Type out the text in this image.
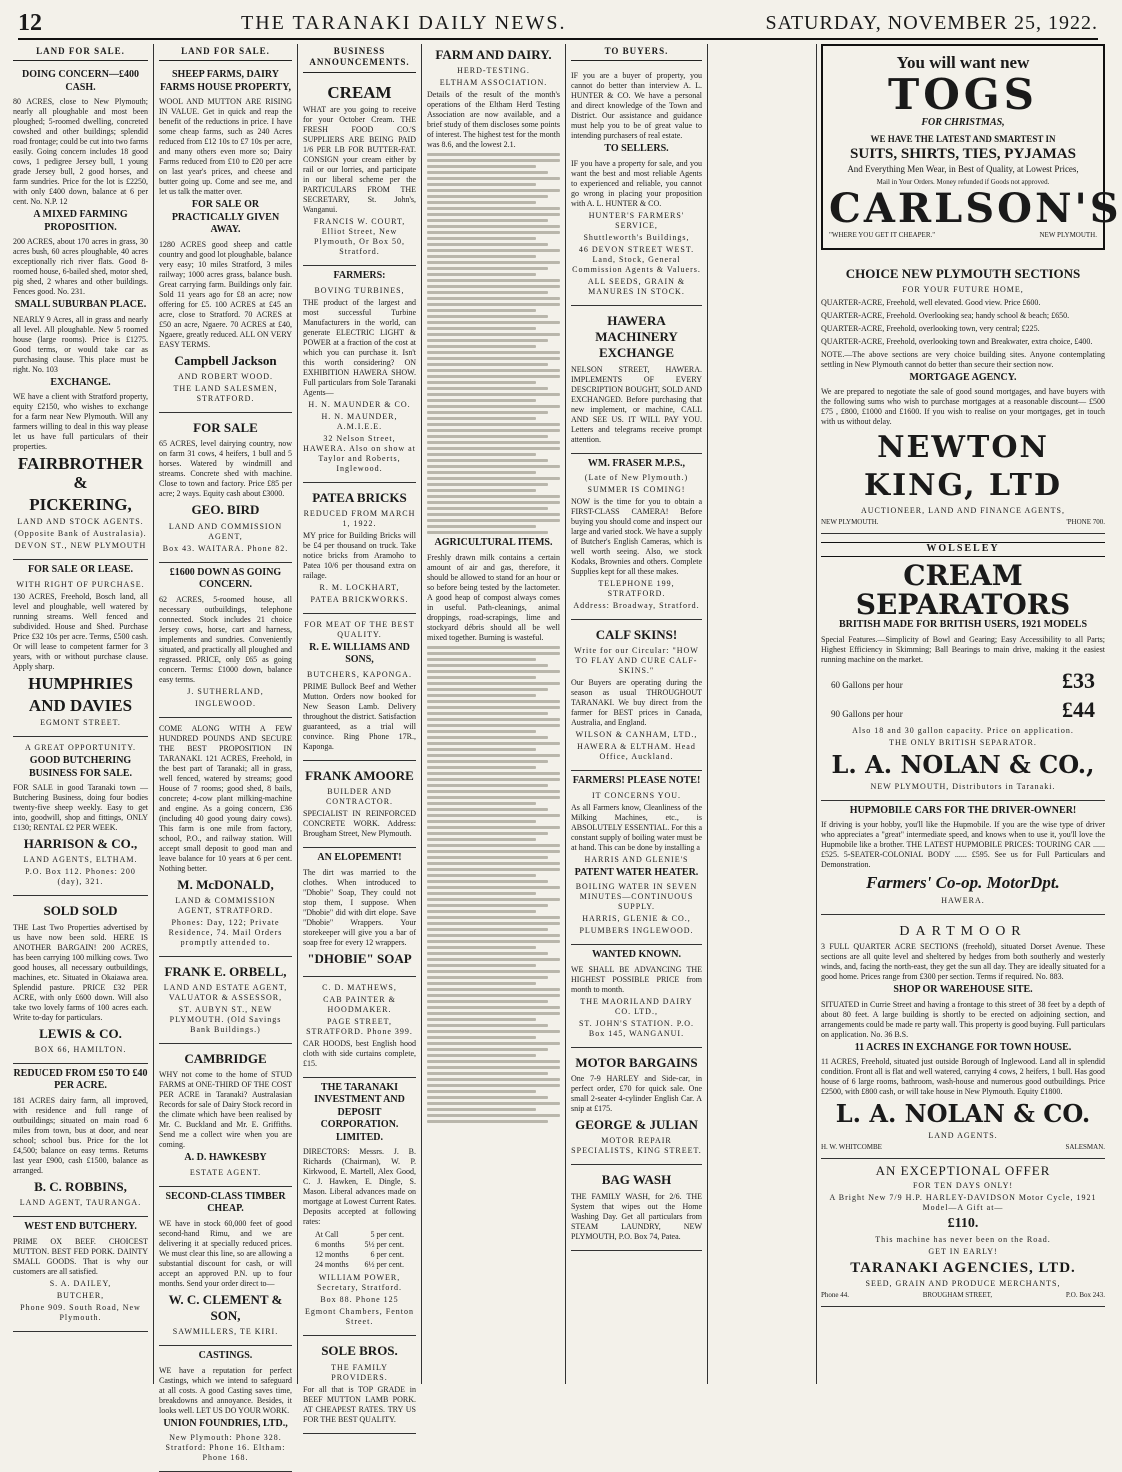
12	THE TARANAKI DAILY NEWS.	SATURDAY, NOVEMBER 25, 1922.
LAND FOR SALE.
DOING CONCERN—£400 CASH.
80 ACRES, close to New Plymouth; nearly all ploughable and most been ploughed; 5-roomed dwelling, concreted cowshed and other buildings; splendid road frontage; could be cut into two farms easily. Going concern includes 18 good cows, 1 pedigree Jersey bull, 1 young grade Jersey bull, 2 good horses, and farm sundries. Price for the lot is £2250, with only £400 down, balance at 6 per cent. No. N.P. 12
A MIXED FARMING PROPOSITION.
200 ACRES, about 170 acres in grass, 30 acres bush, 60 acres ploughable, 40 acres exceptionally rich river flats. Good 8-roomed house, 6-bailed shed, motor shed, pig shed, 2 whares and other buildings. Fences good. No. 231.
SMALL SUBURBAN PLACE.
NEARLY 9 Acres, all in grass and nearly all level. All ploughable. New 5 roomed house (large rooms). Price is £1275. Good terms, or would take car as purchasing clause. This place must be right. No. 103
EXCHANGE.
WE have a client with Stratford property, equity £2150, who wishes to exchange for a farm near New Plymouth. Will any farmers willing to deal in this way please let us have full particulars of their properties.
FAIRBROTHER &
PICKERING,
LAND AND STOCK AGENTS.
(Opposite Bank of Australasia).
DEVON ST., NEW PLYMOUTH
FOR SALE OR LEASE.
WITH RIGHT OF PURCHASE.
130 ACRES, Freehold, Bosch land, all level and ploughable, well watered by running streams. Well fenced and subdivided. House and Shed. Purchase Price £32 10s per acre. Terms, £500 cash. Or will lease to competent farmer for 3 years, with or without purchase clause. Apply sharp.
HUMPHRIES
AND DAVIES
EGMONT STREET.
A GREAT OPPORTUNITY.
GOOD BUTCHERING BUSINESS FOR SALE.
FOR SALE in good Taranaki town — Butchering Business, doing four bodies twenty-five sheep weekly. Easy to get into, goodwill, shop and fittings, ONLY £130; RENTAL £2 PER WEEK.
HARRISON & CO.,
LAND AGENTS, ELTHAM.
P.O. Box 112. Phones: 200 (day), 321.
SOLD SOLD
THE Last Two Properties advertised by us have now been sold. HERE IS ANOTHER BARGAIN! 200 ACRES, has been carrying 100 milking cows. Two good houses, all necessary outbuildings, machines, etc. Situated in Okaiawa area. Splendid pasture. PRICE £32 PER ACRE, with only £600 down. Will also take two lovely farms of 100 acres each. Write to-day for particulars.
LEWIS & CO.
BOX 66, HAMILTON.
REDUCED FROM £50 TO £40 PER ACRE.
181 ACRES dairy farm, all improved, with residence and full range of outbuildings; situated on main road 6 miles from town, bus at door, and near school; school bus. Price for the lot £4,500; balance on easy terms. Returns last year £900, cash £1500, balance as arranged.
B. C. ROBBINS,
LAND AGENT, TAURANGA.
WEST END BUTCHERY.
PRIME OX BEEF. CHOICEST MUTTON. BEST FED PORK. DAINTY SMALL GOODS. That is why our customers are all satisfied.
S. A. DAILEY,
BUTCHER,
Phone 909. South Road, New Plymouth.
LAND FOR SALE.
SHEEP FARMS, DAIRY FARMS HOUSE PROPERTY,
WOOL AND MUTTON ARE RISING IN VALUE. Get in quick and reap the benefit of the reductions in price. I have some cheap farms, such as 240 Acres reduced from £12 10s to £7 10s per acre, and many others even more so; Dairy Farms reduced from £10 to £20 per acre on last year's prices, and cheese and butter going up. Come and see me, and let us talk the matter over.
FOR SALE OR PRACTICALLY GIVEN AWAY.
1280 ACRES good sheep and cattle country and good lot ploughable, balance very easy; 10 miles Stratford, 3 miles railway; 1000 acres grass, balance bush. Great carrying farm. Buildings only fair. Sold 11 years ago for £8 an acre; now offering for £5. 100 ACRES at £45 an acre, close to Stratford. 70 ACRES at £50 an acre, Ngaere. 70 ACRES at £40, Ngaere, greatly reduced. ALL ON VERY EASY TERMS.
Campbell Jackson
AND ROBERT WOOD.
THE LAND SALESMEN, STRATFORD.
FOR SALE
65 ACRES, level dairying country, now on farm 31 cows, 4 heifers, 1 bull and 5 horses. Watered by windmill and streams. Concrete shed with machine. Close to town and factory. Price £85 per acre; 2 ways. Equity cash about £3000.
GEO. BIRD
LAND AND COMMISSION AGENT,
Box 43. WAITARA. Phone 82.
£1600 DOWN AS GOING CONCERN.
62 ACRES, 5-roomed house, all necessary outbuildings, telephone connected. Stock includes 21 choice Jersey cows, horse, cart and harness, implements and sundries. Conveniently situated, and practically all ploughed and regrassed. PRICE, only £65 as going concern. Terms: £1000 down, balance easy terms.
J. SUTHERLAND,
INGLEWOOD.
COME ALONG WITH A FEW HUNDRED POUNDS AND SECURE THE BEST PROPOSITION IN TARANAKI. 121 ACRES, Freehold, in the best part of Taranaki; all in grass, well fenced, watered by streams; good House of 7 rooms; good shed, 8 bails, concrete; 4-cow plant milking-machine and engine. As a going concern, £36 (including 40 good young dairy cows). This farm is one mile from factory, school, P.O., and railway station. Will accept small deposit to good man and leave balance for 10 years at 6 per cent. Nothing better.
M. McDONALD,
LAND & COMMISSION AGENT, STRATFORD.
Phones: Day, 122; Private Residence, 74. Mail Orders promptly attended to.
FRANK E. ORBELL,
LAND AND ESTATE AGENT, VALUATOR & ASSESSOR,
ST. AUBYN ST., NEW PLYMOUTH. (Old Savings Bank Buildings.)
CAMBRIDGE
WHY not come to the home of STUD FARMS at ONE-THIRD OF THE COST PER ACRE in Taranaki? Australasian Records for sale of Dairy Stock record in the climate which have been realised by Mr. C. Buckland and Mr. E. Griffiths. Send me a collect wire when you are coming.
A. D. HAWKESBY
ESTATE AGENT.
SECOND-CLASS TIMBER CHEAP.
WE have in stock 60,000 feet of good second-hand Rimu, and we are delivering it at specially reduced prices. We must clear this line, so are allowing a substantial discount for cash, or will accept an approved P.N. up to four months. Send your order direct to—
W. C. CLEMENT & SON,
SAWMILLERS, TE KIRI.
CASTINGS.
WE have a reputation for perfect Castings, which we intend to safeguard at all costs. A good Casting saves time, breakdowns and annoyance. Besides, it looks well. LET US DO YOUR WORK.
UNION FOUNDRIES, LTD.,
New Plymouth: Phone 328. Stratford: Phone 16. Eltham: Phone 168.
BUSINESS ANNOUNCEMENTS.
CREAM
WHAT are you going to receive for your October Cream. THE FRESH FOOD CO.'S SUPPLIERS ARE BEING PAID 1/6 PER LB FOR BUTTER-FAT. CONSIGN your cream either by rail or our lorries, and participate in our liberal scheme per the PARTICULARS FROM THE SECRETARY, St. John's, Wanganui.
FRANCIS W. COURT, Elliot Street, New Plymouth, Or Box 50, Stratford.
FARMERS:
BOVING TURBINES,
THE product of the largest and most successful Turbine Manufacturers in the world, can generate ELECTRIC LIGHT & POWER at a fraction of the cost at which you can purchase it. Isn't this worth considering? ON EXHIBITION HAWERA SHOW. Full particulars from Sole Taranaki Agents—
H. N. MAUNDER & CO.
H. N. MAUNDER, A.M.I.E.E.
32 Nelson Street, HAWERA. Also on show at Taylor and Roberts, Inglewood.
PATEA BRICKS
REDUCED FROM MARCH 1, 1922.
MY price for Building Bricks will be £4 per thousand on truck. Take notice bricks from Aramoho to Patea 10/6 per thousand extra on railage.
R. M. LOCKHART,
PATEA BRICKWORKS.
FOR MEAT OF THE BEST QUALITY.
R. E. WILLIAMS AND SONS,
BUTCHERS, KAPONGA.
PRIME Bullock Beef and Wether Mutton. Orders now booked for New Season Lamb. Delivery throughout the district. Satisfaction guaranteed, as a trial will convince. Ring Phone 17R., Kaponga.
FRANK AMOORE
BUILDER AND CONTRACTOR.
SPECIALIST IN REINFORCED CONCRETE WORK. Address: Brougham Street, New Plymouth.
AN ELOPEMENT!
The dirt was married to the clothes. When introduced to "Dhobie" Soap, They could not stop them, I suppose. When "Dhobie" did with dirt elope. Save "Dhobie" Wrappers. Your storekeeper will give you a bar of soap free for every 12 wrappers.
"DHOBIE" SOAP
C. D. MATHEWS,
CAB PAINTER & HOODMAKER.
PAGE STREET, STRATFORD. Phone 399.
CAR HOODS, best English hood cloth with side curtains complete, £15.
THE TARANAKI INVESTMENT AND DEPOSIT CORPORATION. LIMITED.
DIRECTORS: Messrs. J. B. Richards (Chairman), W. P. Kirkwood, E. Martell, Alex Good, C. J. Hawken, E. Dingle, S. Mason. Liberal advances made on mortgage at Lowest Current Rates. Deposits accepted at following rates:
At Call	5 per cent.
6 months	5½ per cent.
12 months	6 per cent.
24 months	6½ per cent.
WILLIAM POWER, Secretary, Stratford.
Box 88. Phone 125
Egmont Chambers, Fenton Street.
SOLE BROS.
THE FAMILY PROVIDERS.
For all that is TOP GRADE in BEEF MUTTON LAMB PORK. AT CHEAPEST RATES. TRY US FOR THE BEST QUALITY.
FARM AND DAIRY.
HERD-TESTING.
ELTHAM ASSOCIATION.
Details of the result of the month's operations of the Eltham Herd Testing Association are now available, and a brief study of them discloses some points of interest. The highest test for the month was 8.6, and the lowest 2.1.
AGRICULTURAL ITEMS.
Freshly drawn milk contains a certain amount of air and gas, therefore, it should be allowed to stand for an hour or so before being tested by the lactometer. A good heap of compost always comes in useful. Path-cleanings, animal droppings, road-scrapings, lime and stockyard débris should all be well mixed together. Burning is wasteful.
TO BUYERS.
IF you are a buyer of property, you cannot do better than interview A. L. HUNTER & CO. We have a personal and direct knowledge of the Town and District. Our assistance and guidance must help you to be of great value to intending purchasers of real estate.
TO SELLERS.
IF you have a property for sale, and you want the best and most reliable Agents to experienced and reliable, you cannot go wrong in placing your proposition with A. L. HUNTER & CO.
HUNTER'S FARMERS' SERVICE,
Shuttleworth's Buildings,
46 DEVON STREET WEST. Land, Stock, General Commission Agents & Valuers.
ALL SEEDS, GRAIN & MANURES IN STOCK.
HAWERA MACHINERY EXCHANGE
NELSON STREET, HAWERA. IMPLEMENTS OF EVERY DESCRIPTION BOUGHT, SOLD AND EXCHANGED. Before purchasing that new implement, or machine, CALL AND SEE US. IT WILL PAY YOU. Letters and telegrams receive prompt attention.
WM. FRASER M.P.S.,
(Late of New Plymouth.)
SUMMER IS COMING!
NOW is the time for you to obtain a FIRST-CLASS CAMERA! Before buying you should come and inspect our large and varied stock. We have a supply of Butcher's English Cameras, which is well worth seeing. Also, we stock Kodaks, Brownies and others. Complete Supplies kept for all these makes.
TELEPHONE 199, STRATFORD.
Address: Broadway, Stratford.
CALF SKINS!
Write for our Circular: "HOW TO FLAY AND CURE CALF-SKINS."
Our Buyers are operating during the season as usual THROUGHOUT TARANAKI. We buy direct from the farmer for BEST prices in Canada, Australia, and England.
WILSON & CANHAM, LTD.,
HAWERA & ELTHAM. Head Office, Auckland.
FARMERS! PLEASE NOTE!
IT CONCERNS YOU.
As all Farmers know, Cleanliness of the Milking Machines, etc., is ABSOLUTELY ESSENTIAL. For this a constant supply of boiling water must be at hand. This can be done by installing a
HARRIS AND GLENIE'S
PATENT WATER HEATER.
BOILING WATER IN SEVEN MINUTES—CONTINUOUS SUPPLY.
HARRIS, GLENIE & CO.,
PLUMBERS INGLEWOOD.
WANTED KNOWN.
WE SHALL BE ADVANCING THE HIGHEST POSSIBLE PRICE from month to month.
THE MAORILAND DAIRY CO. LTD.,
ST. JOHN'S STATION. P.O. Box 145, WANGANUI.
MOTOR BARGAINS
One 7-9 HARLEY and Side-car, in perfect order, £70 for quick sale. One small 2-seater 4-cylinder English Car. A snip at £175.
GEORGE & JULIAN
MOTOR REPAIR SPECIALISTS, KING STREET.
BAG WASH
THE FAMILY WASH, for 2/6. THE System that wipes out the Home Washing Day. Get all particulars from STEAM LAUNDRY, NEW PLYMOUTH, P.O. Box 74, Patea.
You will want new
TOGS
FOR CHRISTMAS,
WE HAVE THE LATEST AND SMARTEST IN
SUITS, SHIRTS, TIES, PYJAMAS
And Everything Men Wear, in Best of Quality, at Lowest Prices,
Mail in Your Orders. Money refunded if Goods not approved.
CARLSON'S
"WHERE YOU GET IT CHEAPER."	NEW PLYMOUTH.
CHOICE NEW PLYMOUTH SECTIONS
FOR YOUR FUTURE HOME,
QUARTER-ACRE, Freehold, well elevated. Good view. Price £600.
QUARTER-ACRE, Freehold. Overlooking sea; handy school & beach; £650.
QUARTER-ACRE, Freehold, overlooking town, very central; £225.
QUARTER-ACRE, Freehold, overlooking town and Breakwater, extra choice, £400.
NOTE.—The above sections are very choice building sites. Anyone contemplating settling in New Plymouth cannot do better than secure their section now.
MORTGAGE AGENCY.
We are prepared to negotiate the sale of good sound mortgages, and have buyers with the following sums who wish to purchase mortgages at a reasonable discount— £500 £75 , £800, £1000 and £1600. If you wish to realise on your mortgages, get in touch with us without delay.
NEWTON KING, LTD
AUCTIONEER, LAND AND FINANCE AGENTS,
NEW PLYMOUTH.	'PHONE 700.
WOLSELEY
CREAM SEPARATORS
BRITISH MADE FOR BRITISH USERS, 1921 MODELS
Special Features.—Simplicity of Bowl and Gearing; Easy Accessibility to all Parts; Highest Efficiency in Skimming; Ball Bearings to main drive, making it the easiest running machine on the market.
60 Gallons per hour	£33
90 Gallons per hour	£44
Also 18 and 30 gallon capacity. Price on application.
THE ONLY BRITISH SEPARATOR.
L. A. NOLAN & CO.,
NEW PLYMOUTH, Distributors in Taranaki.
HUPMOBILE CARS FOR THE DRIVER-OWNER!
If driving is your hobby, you'll like the Hupmobile. If you are the wise type of driver who appreciates a "great" intermediate speed, and knows when to use it, you'll love the Hupmobile like a brother. THE LATEST HUPMOBILE PRICES: TOURING CAR ...... £525. 5-SEATER-COLONIAL BODY ...... £595. See us for Full Particulars and Demonstration.
Farmers' Co-op. MotorDpt.
HAWERA.
DARTMOOR
3 FULL QUARTER ACRE SECTIONS (freehold), situated Dorset Avenue. These sections are all quite level and sheltered by hedges from both southerly and westerly winds, and, facing the north-east, they get the sun all day. They are ideally situated for a good home. Prices range from £300 per section. Terms if required. No. 883.
SHOP OR WAREHOUSE SITE.
SITUATED in Currie Street and having a frontage to this street of 38 feet by a depth of about 80 feet. A large building is shortly to be erected on adjoining section, and arrangements could be made re party wall. This property is good buying. Full particulars on application. No. 36 B.S.
11 ACRES IN EXCHANGE FOR TOWN HOUSE.
11 ACRES, Freehold, situated just outside Borough of Inglewood. Land all in splendid condition. Front all is flat and well watered, carrying 4 cows, 2 heifers, 1 bull. Has good house of 6 large rooms, bathroom, wash-house and numerous good outbuildings. Price £2500, with £800 cash, or will take house in New Plymouth. Equity £1800.
L. A. NOLAN & CO.
LAND AGENTS.
H. W. WHITCOMBE	SALESMAN.
AN EXCEPTIONAL OFFER
FOR TEN DAYS ONLY!
A Bright New 7/9 H.P. HARLEY-DAVIDSON Motor Cycle, 1921 Model—A Gift at—
£110.
This machine has never been on the Road.
GET IN EARLY!
TARANAKI AGENCIES, LTD.
SEED, GRAIN AND PRODUCE MERCHANTS,
Phone 44.	BROUGHAM STREET,	P.O. Box 243.
